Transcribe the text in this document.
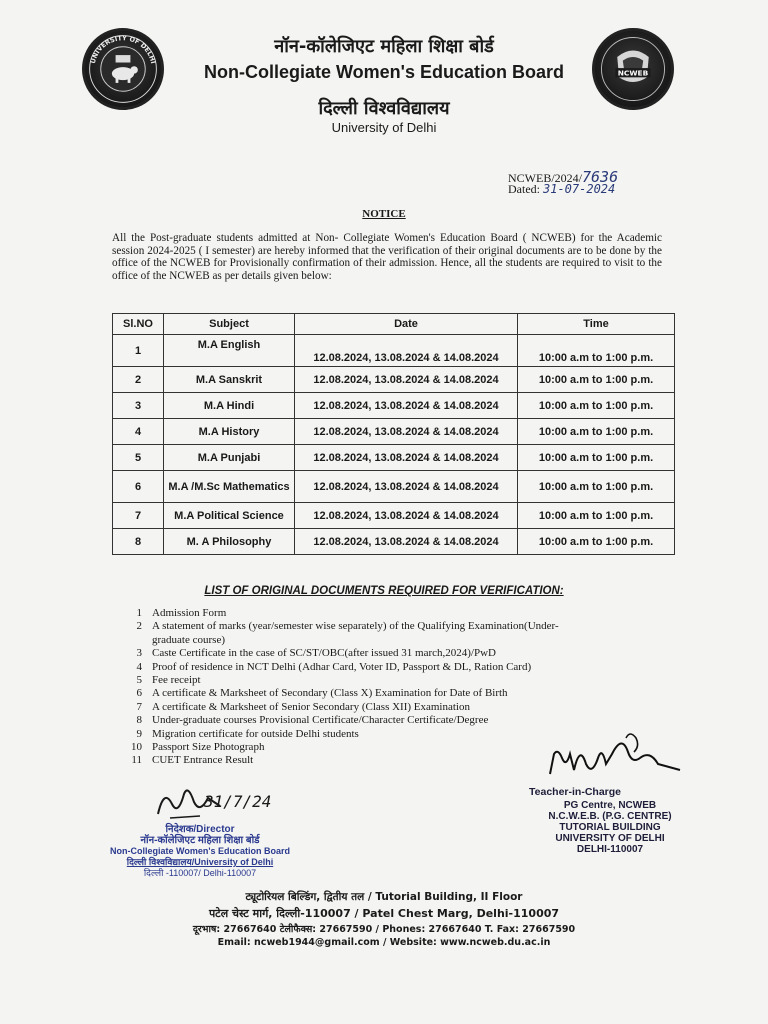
UNIVERSITY OF DELHI
NCWEB
नॉन-कॉलेजिएट महिला शिक्षा बोर्ड
Non-Collegiate Women's Education Board
दिल्ली विश्वविद्यालय
University of Delhi
NCWEB/2024/7636
Dated: 31-07-2024
NOTICE
All the Post-graduate students admitted at Non- Collegiate Women's Education Board ( NCWEB) for the Academic session 2024-2025 ( I semester) are hereby informed that the verification of their original documents are to be done by the office of the NCWEB for Provisionally confirmation of their admission. Hence, all the students are required to visit to the office of the NCWEB as per details given below:
Sl.NO	Subject	Date	Time
1	M.A English	12.08.2024, 13.08.2024 & 14.08.2024	10:00 a.m to 1:00 p.m.
2	M.A Sanskrit	12.08.2024, 13.08.2024 & 14.08.2024	10:00 a.m to 1:00 p.m.
3	M.A Hindi	12.08.2024, 13.08.2024 & 14.08.2024	10:00 a.m to 1:00 p.m.
4	M.A History	12.08.2024, 13.08.2024 & 14.08.2024	10:00 a.m to 1:00 p.m.
5	M.A Punjabi	12.08.2024, 13.08.2024 & 14.08.2024	10:00 a.m to 1:00 p.m.
6	M.A /M.Sc Mathematics	12.08.2024, 13.08.2024 & 14.08.2024	10:00 a.m to 1:00 p.m.
7	M.A Political Science	12.08.2024, 13.08.2024 & 14.08.2024	10:00 a.m to 1:00 p.m.
8	M. A Philosophy	12.08.2024, 13.08.2024 & 14.08.2024	10:00 a.m to 1:00 p.m.
LIST OF ORIGINAL DOCUMENTS REQUIRED FOR VERIFICATION:
1 Admission Form
2 A statement of marks (year/semester wise separately) of the Qualifying Examination(Under-graduate course)
3 Caste Certificate in the case of SC/ST/OBC(after issued 31 march,2024)/PwD
4 Proof of residence in NCT Delhi (Adhar Card, Voter ID, Passport & DL, Ration Card)
5 Fee receipt
6 A certificate & Marksheet of Secondary (Class X) Examination for Date of Birth
7 A certificate & Marksheet of Senior Secondary (Class XII) Examination
8 Under-graduate courses Provisional Certificate/Character Certificate/Degree
9 Migration certificate for outside Delhi students
10 Passport Size Photograph
11 CUET Entrance Result
Teacher-in-Charge
PG Centre, NCWEB
N.C.W.E.B. (P.G. CENTRE)
TUTORIAL BUILDING
UNIVERSITY OF DELHI
DELHI-110007
31/7/24
निदेशक/Director
नॉन-कॉलेजिएट महिला शिक्षा बोर्ड
Non-Collegiate Women's Education Board
दिल्ली विश्वविद्यालय/University of Delhi
दिल्ली -110007/ Delhi-110007
ट्यूटोरियल बिल्डिंग, द्वितीय तल / Tutorial Building, II Floor
पटेल चेस्ट मार्ग, दिल्ली-110007 / Patel Chest Marg, Delhi-110007
दूरभाष: 27667640 टेलीफैक्स: 27667590 / Phones: 27667640 T. Fax: 27667590
Email: ncweb1944@gmail.com / Website: www.ncweb.du.ac.in
